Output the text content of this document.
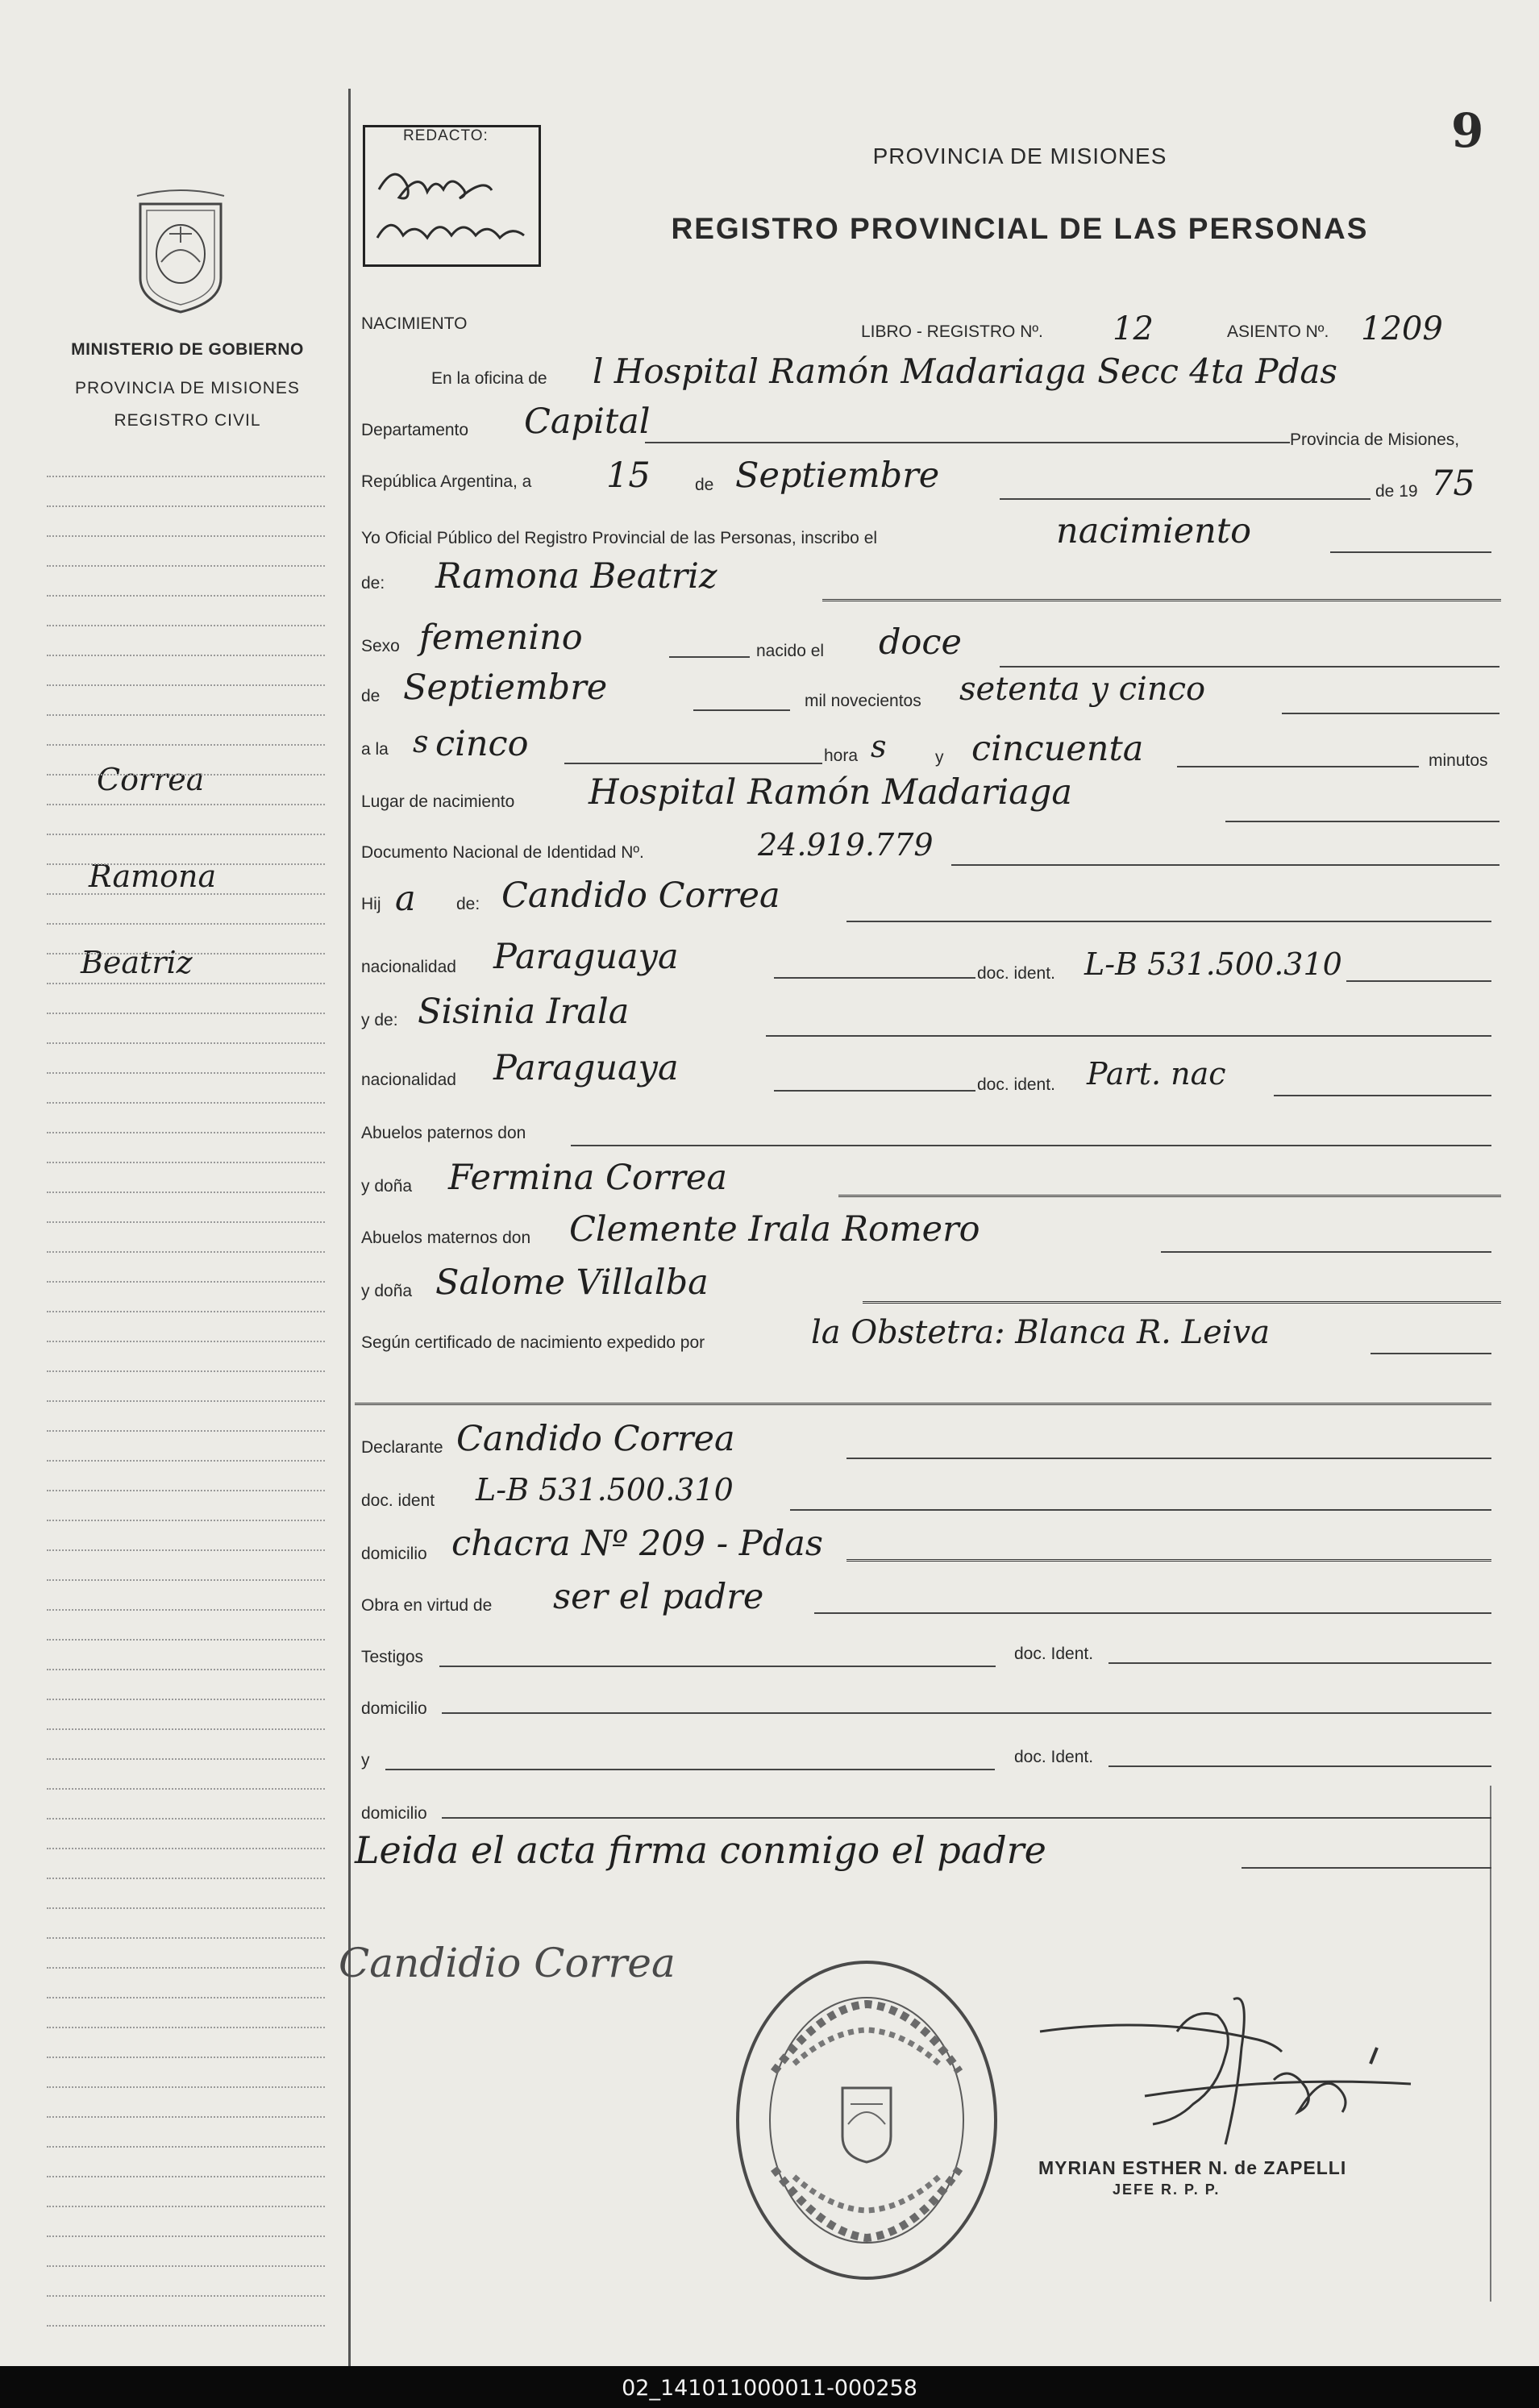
MINISTERIO DE GOBIERNO
PROVINCIA DE MISIONES
REGISTRO CIVIL
Correa
Ramona
Beatriz
REDACTO:	9
PROVINCIA DE MISIONES
REGISTRO PROVINCIAL DE LAS PERSONAS
NACIMIENTO	LIBRO - REGISTRO Nº. 12	ASIENTO Nº. 1209
En la oficina de l Hospital Ramón Madariaga Secc 4ta Pdas
Departamento Capital	Provincia de Misiones,
República Argentina, a 15	de Septiembre	de 19 75
Yo Oficial Público del Registro Provincial de las Personas, inscribo el	nacimiento
de: Ramona Beatriz
Sexo femenino	nacido el doce
de Septiembre	mil novecientos setenta y cinco
a la s cinco	hora s	y cincuenta	minutos
Lugar de nacimiento Hospital Ramón Madariaga
Documento Nacional de Identidad Nº.	24.919.779
Hij a de: Candido Correa
nacionalidad Paraguaya	doc. ident. L-B 531.500.310
y de: Sisinia Irala
nacionalidad Paraguaya	doc. ident. Part. nac
Abuelos paternos don
y doña Fermina Correa
Abuelos maternos don Clemente Irala Romero
y doña Salome Villalba
Según certificado de nacimiento expedido por	la Obstetra: Blanca R. Leiva
Declarante Candido Correa
doc. ident L-B 531.500.310
domicilio chacra Nº 209 - Pdas
Obra en virtud de ser el padre
Testigos	doc. Ident.
domicilio
y	doc. Ident.
domicilio
Leida el acta firma conmigo el padre
Candidio Correa
MYRIAN ESTHER N. de ZAPELLI
JEFE R. P. P.
02_141011000011-000258
